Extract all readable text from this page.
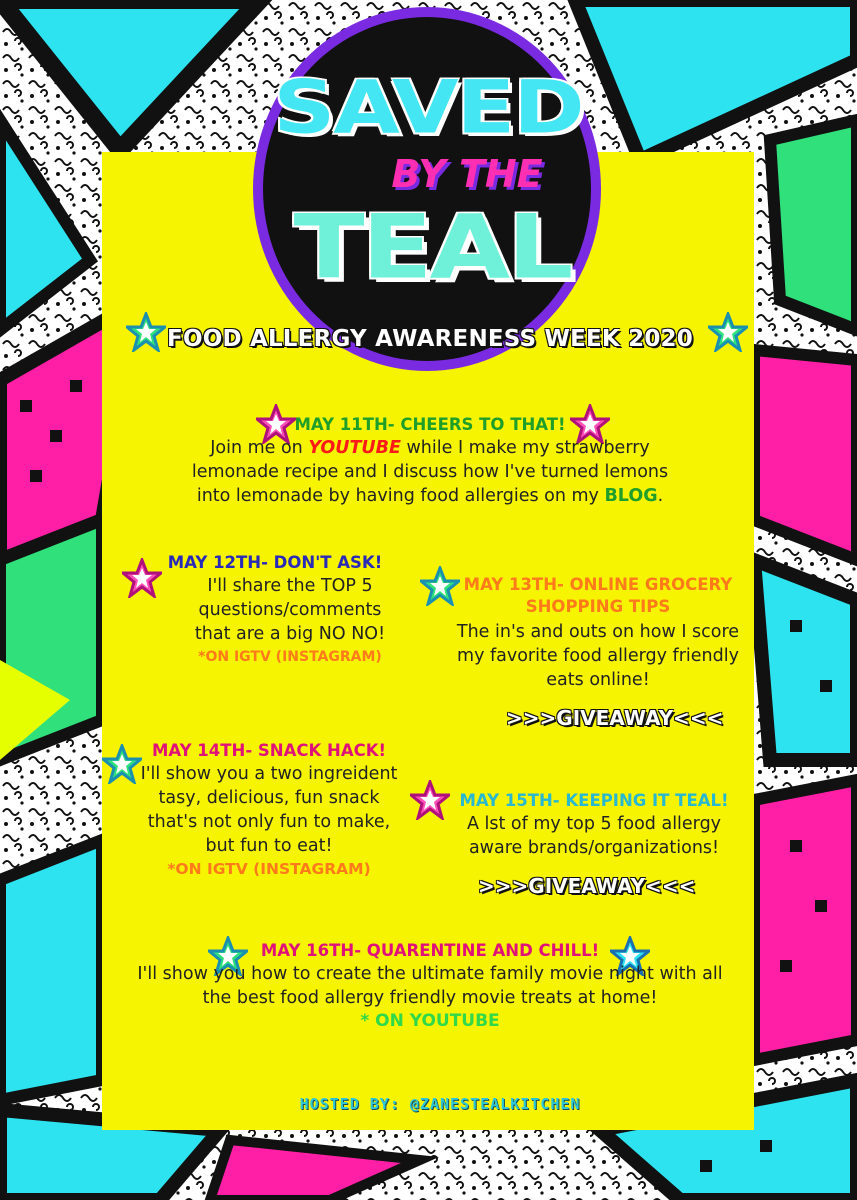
SAVED
BY THE
TEAL
FOOD ALLERGY AWARENESS WEEK 2020
MAY 11TH- CHEERS TO THAT!
Join me on YOUTUBE while I make my strawberry lemonade recipe and I discuss how I've turned lemons into lemonade by having food allergies on my BLOG.
MAY 12TH- DON'T ASK!
I'll share the TOP 5 questions/comments that are a big NO NO!
*ON IGTV (INSTAGRAM)
MAY 13TH- ONLINE GROCERY
SHOPPING TIPS
The in's and outs on how I score my favorite food allergy friendly eats online!
>>>GIVEAWAY<<<
MAY 14TH- SNACK HACK!
I'll show you a two ingreident tasy, delicious, fun snack that's not only fun to make, but fun to eat!
*ON IGTV (INSTAGRAM)
MAY 15TH- KEEPING IT TEAL!
A lst of my top 5 food allergy aware brands/organizations!
>>>GIVEAWAY<<<
MAY 16TH- QUARENTINE AND CHILL!
I'll show you how to create the ultimate family movie night with all the best food allergy friendly movie treats at home!
* ON YOUTUBE
HOSTED BY: @ZANESTEALKITCHEN
